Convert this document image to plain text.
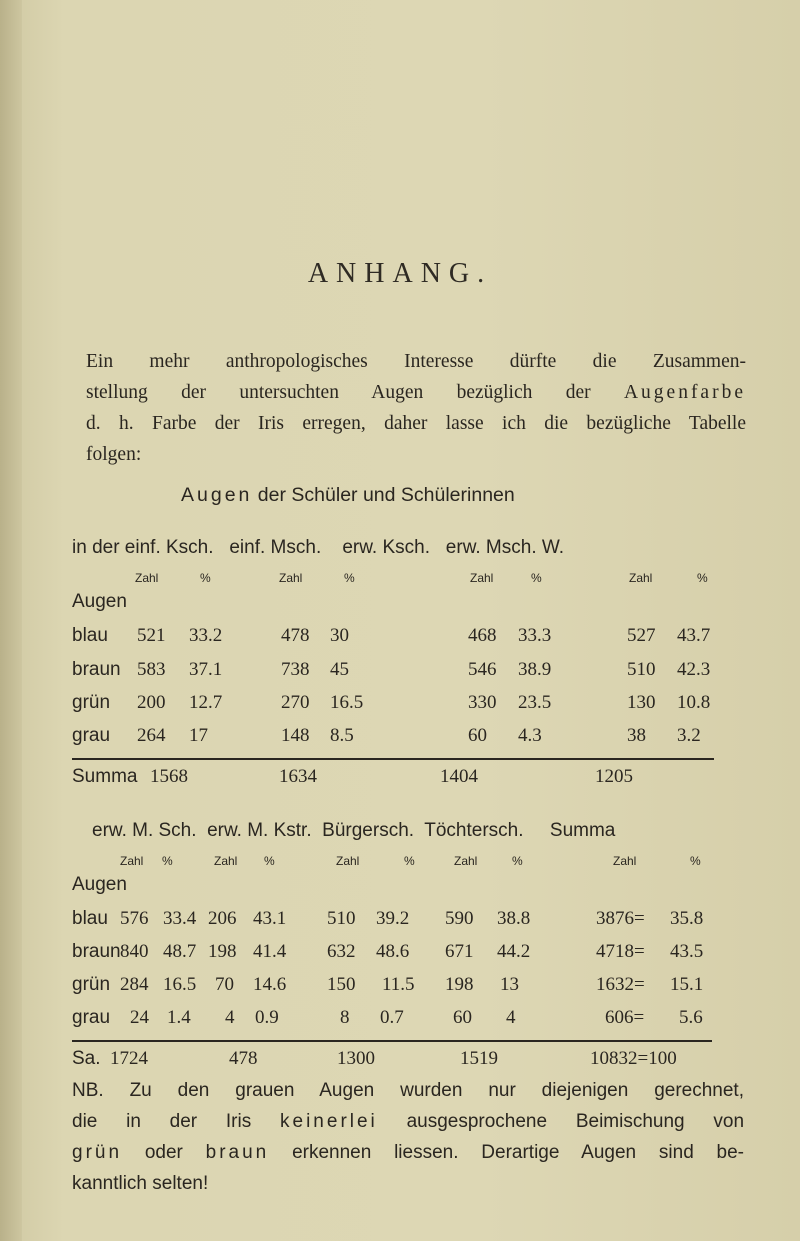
ANHANG.
Ein mehr anthropologisches Interesse dürfte die Zusammen-
stellung der untersuchten Augen bezüglich der Augenfarbe
d. h. Farbe der Iris erregen, daher lasse ich die bezügliche Tabelle
folgen:
Augen der Schüler und Schülerinnen
in der einf. Ksch.   einf. Msch.    erw. Ksch.   erw. Msch. W.
Zahl	%	Zahl	%	Zahl	%	Zahl	%
Augen
blau 521 33.2	478 30	468 33.3	527 43.7
braun 583 37.1	738 45	546 38.9	510 42.3
grün 200 12.7	270 16.5	330 23.5	130 10.8
grau 264 17	148 8.5	60 4.3	38 3.2
Summa 1568	1634	1404	1205
erw. M. Sch.  erw. M. Kstr.  Bürgersch.  Töchtersch.     Summa
Zahl %	Zahl %	Zahl	%	Zahl	%	Zahl	%
Augen
blau 576 33.4 206 43.1 510 39.2 590 38.8	3876= 35.8
braun 840 48.7 198 41.4 632 48.6 671 44.2	4718= 43.5
grün 284 16.5 70 14.6 150 11.5 198 13	1632= 15.1
grau 24 1.4 4 0.9	8 0.7	60 4	606= 5.6
Sa. 1724	478	1300	1519	10832=100
NB. Zu den grauen Augen wurden nur diejenigen gerechnet,
die in der Iris keinerlei ausgesprochene Beimischung von
grün oder braun erkennen liessen. Derartige Augen sind be-
kanntlich selten!
